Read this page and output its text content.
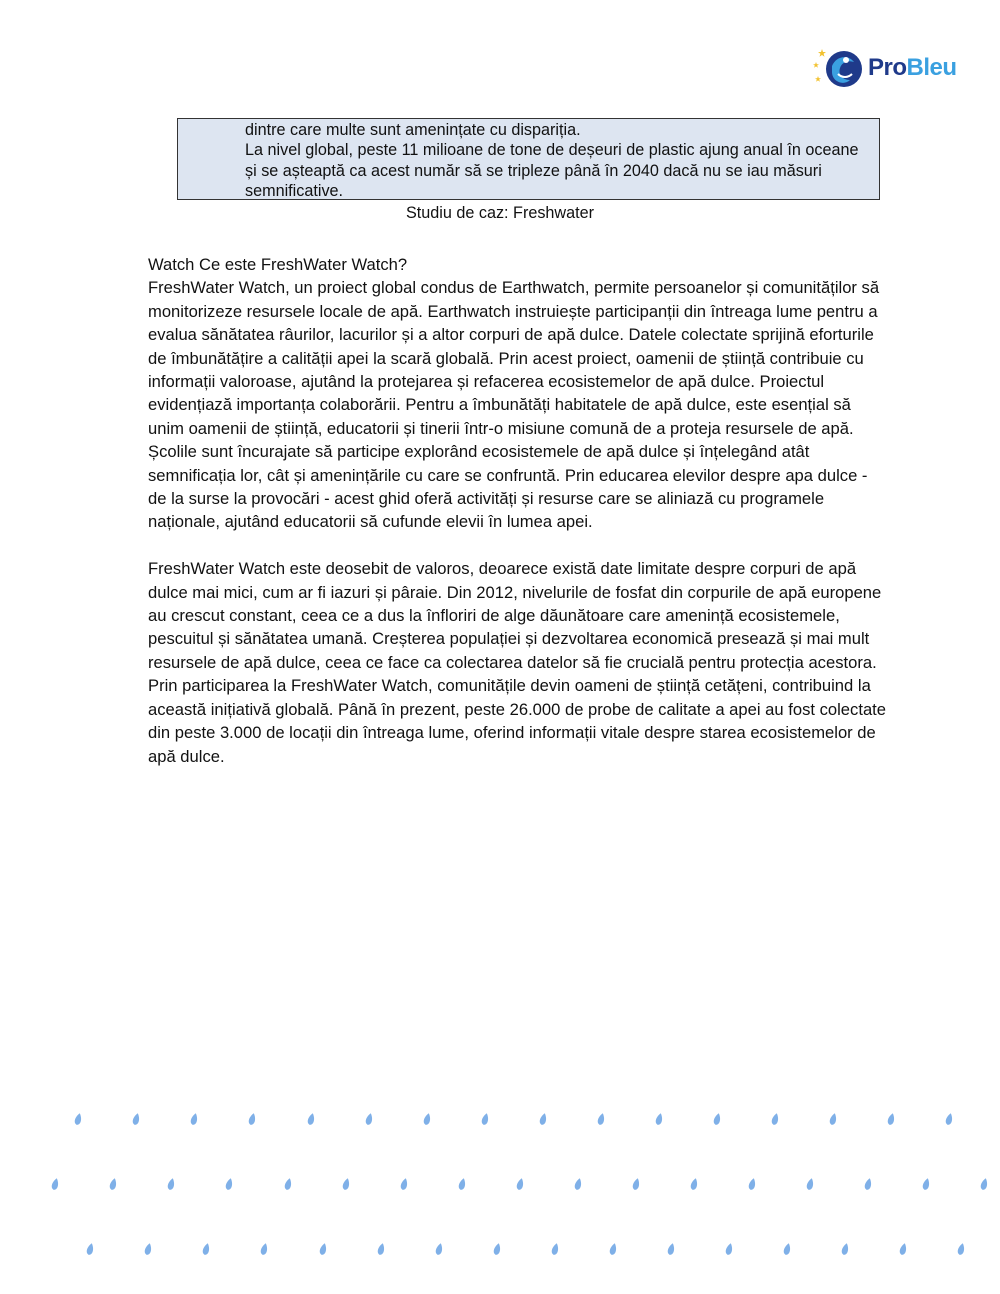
ProBleu

dintre care multe sunt amenințate cu dispariția.

La nivel global, peste 11 milioane de tone de deșeuri de plastic ajung anual în oceane și se așteaptă ca acest număr să se tripleze până în 2040 dacă nu se iau măsuri semnificative.

Studiu de caz: Freshwater

Watch Ce este FreshWater Watch?
FreshWater Watch, un proiect global condus de Earthwatch, permite persoanelor și comunităților să monitorizeze resursele locale de apă. Earthwatch instruiește participanții din întreaga lume pentru a evalua sănătatea râurilor, lacurilor și a altor corpuri de apă dulce. Datele colectate sprijină eforturile de îmbunătățire a calității apei la scară globală. Prin acest proiect, oamenii de știință contribuie cu informații valoroase, ajutând la protejarea și refacerea ecosistemelor de apă dulce. Proiectul evidențiază importanța colaborării. Pentru a îmbunătăți habitatele de apă dulce, este esențial să unim oamenii de știință, educatorii și tinerii într-o misiune comună de a proteja resursele de apă. Școlile sunt încurajate să participe explorând ecosistemele de apă dulce și înțelegând atât semnificația lor, cât și amenințările cu care se confruntă. Prin educarea elevilor despre apa dulce - de la surse la provocări - acest ghid oferă activități și resurse care se aliniază cu programele naționale, ajutând educatorii să cufunde elevii în lumea apei.

FreshWater Watch este deosebit de valoros, deoarece există date limitate despre corpuri de apă dulce mai mici, cum ar fi iazuri și pâraie. Din 2012, nivelurile de fosfat din corpurile de apă europene au crescut constant, ceea ce a dus la înfloriri de alge dăunătoare care amenință ecosistemele, pescuitul și sănătatea umană. Creșterea populației și dezvoltarea economică presează și mai mult resursele de apă dulce, ceea ce face ca colectarea datelor să fie crucială pentru protecția acestora. Prin participarea la FreshWater Watch, comunitățile devin oameni de știință cetățeni, contribuind la această inițiativă globală. Până în prezent, peste 26.000 de probe de calitate a apei au fost colectate din peste 3.000 de locații din întreaga lume, oferind informații vitale despre starea ecosistemelor de apă dulce.
